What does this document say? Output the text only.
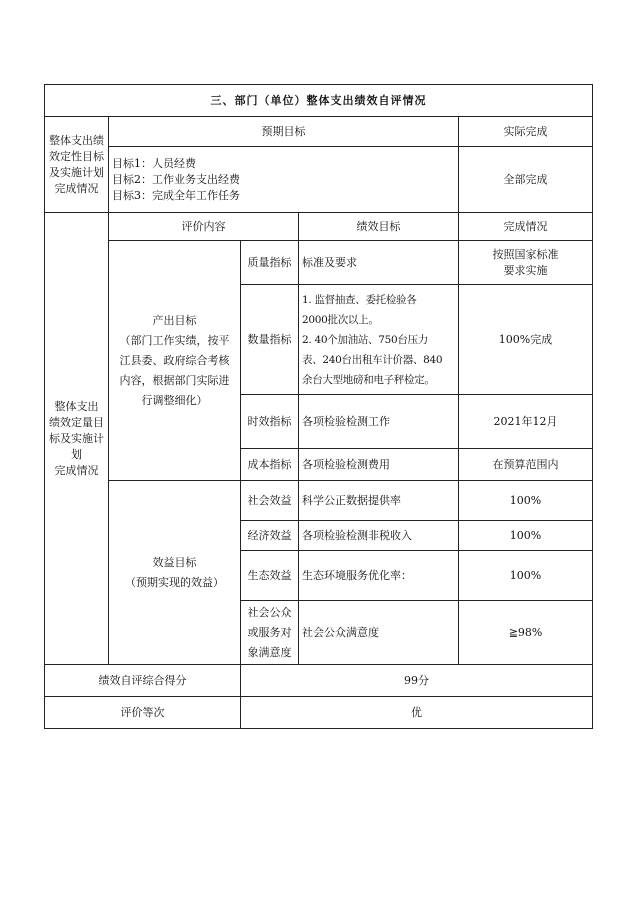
三、部门（单位）整体支出绩效自评情况				

整体支出绩
效定性目标
及实施计划
完成情况	预期目标			实际完成

	目标1：人员经费
目标2：工作业务支出经费
目标3：完成全年工作任务			全部完成

整体支出
绩效定量目
标及实施计
划
完成情况	评价内容		绩效目标	完成情况

	产出目标
（部门工作实绩，按平
江县委、政府综合考核
内容，根据部门实际进
行调整细化）	质量指标	标准及要求	按照国家标准
要求实施

		数量指标	1. 监督抽查、委托检验各
2000批次以上。
2. 40个加油站、750台压力
表、240台出租车计价器、840
余台大型地磅和电子秤检定。	100%完成
		时效指标	各项检验检测工作	2021年12月
		成本指标	各项检验检测费用	在预算范围内

	效益目标
（预期实现的效益）	社会效益	科学公正数据提供率	100%
		经济效益	各项检验检测非税收入	100%
		生态效益	生态环境服务优化率：	100%

		社会公众
或服务对
象满意度	社会公众满意度	≧98%
绩效自评综合得分		99分		
评价等次		优		
